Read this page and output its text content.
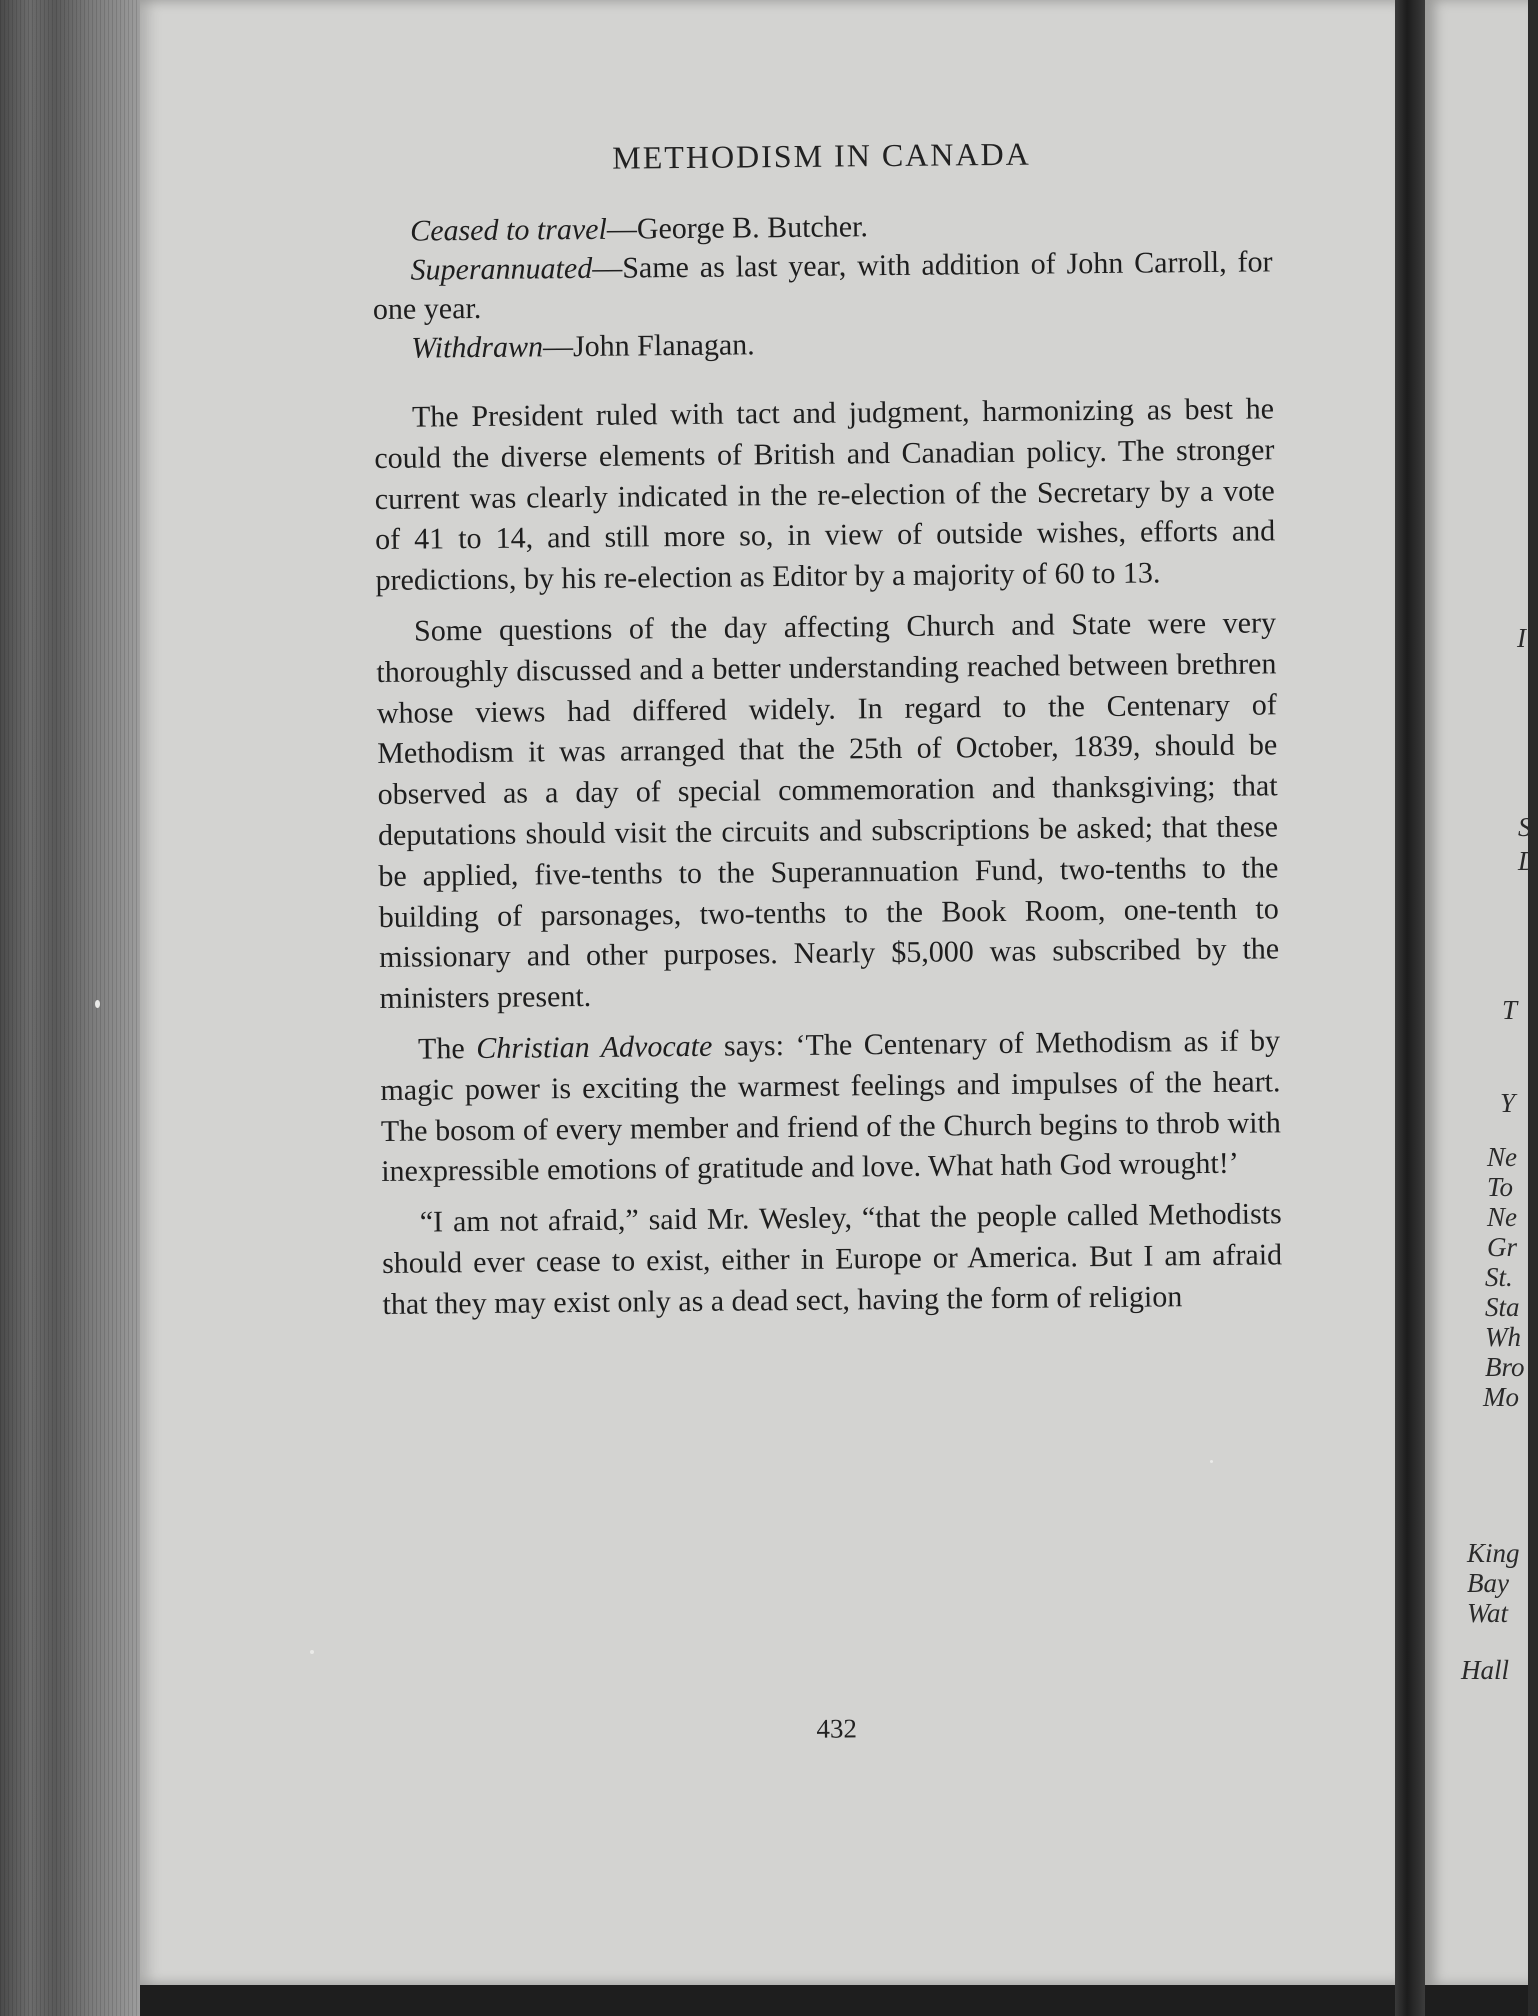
I

S

D

T

Y

Ne

To

Ne

Gr

St.

Sta

Wh

Bro

Mo

King

Bay

Wat

Hall

METHODISM IN CANADA

Ceased to travel—George B. Butcher.

Superannuated—Same as last year, with addition of John Carroll, for one year.

Withdrawn—John Flanagan.

The President ruled with tact and judgment, harmonizing as best he could the diverse elements of British and Canadian policy. The stronger current was clearly indicated in the re-election of the Secretary by a vote of 41 to 14, and still more so, in view of outside wishes, efforts and predictions, by his re-election as Editor by a majority of 60 to 13.

Some questions of the day affecting Church and State were very thoroughly discussed and a better understanding reached between brethren whose views had differed widely. In regard to the Centenary of Methodism it was arranged that the 25th of October, 1839, should be observed as a day of special commemoration and thanksgiving; that deputations should visit the circuits and subscriptions be asked; that these be applied, five-tenths to the Superannuation Fund, two-tenths to the building of parsonages, two-tenths to the Book Room, one-tenth to missionary and other purposes. Nearly $5,000 was subscribed by the ministers present.

The Christian Advocate says: ‘The Centenary of Methodism as if by magic power is exciting the warmest feelings and impulses of the heart. The bosom of every member and friend of the Church begins to throb with inexpressible emotions of gratitude and love. What hath God wrought!’

“I am not afraid,” said Mr. Wesley, “that the people called Methodists should ever cease to exist, either in Europe or America. But I am afraid that they may exist only as a dead sect, having the form of religion

432
